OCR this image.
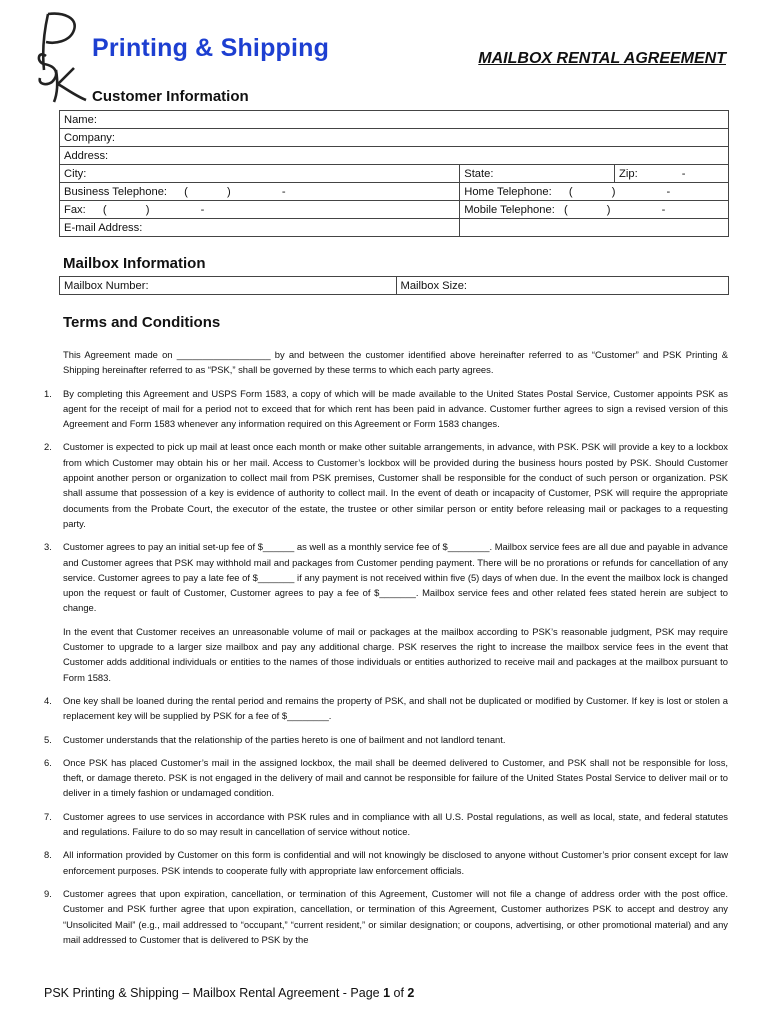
Printing & Shipping	MAILBOX RENTAL AGREEMENT
Customer Information
Name:		
Company:		
Address:		
City:	State:	Zip: -
Business Telephone: ( ) -	Home Telephone: ( ) -	
Fax: ( ) -	Mobile Telephone: ( ) -	
E-mail Address:		
Mailbox Information
Mailbox Number:	Mailbox Size:
Terms and Conditions

This Agreement made on __________________ by and between the customer identified above hereinafter referred to as “Customer” and PSK Printing & Shipping hereinafter referred to as “PSK,” shall be governed by these terms to which each party agrees.

1. By completing this Agreement and USPS Form 1583, a copy of which will be made available to the United States Postal Service, Customer appoints PSK as agent for the receipt of mail for a period not to exceed that for which rent has been paid in advance. Customer further agrees to sign a revised version of this Agreement and Form 1583 whenever any information required on this Agreement or Form 1583 changes.
2. Customer is expected to pick up mail at least once each month or make other suitable arrangements, in advance, with PSK. PSK will provide a key to a lockbox from which Customer may obtain his or her mail. Access to Customer’s lockbox will be provided during the business hours posted by PSK. Should Customer appoint another person or organization to collect mail from PSK premises, Customer shall be responsible for the conduct of such person or organization. PSK shall assume that possession of a key is evidence of authority to collect mail. In the event of death or incapacity of Customer, PSK will require the appropriate documents from the Probate Court, the executor of the estate, the trustee or other similar person or entity before releasing mail or packages to a requesting party.
3. Customer agrees to pay an initial set-up fee of $______ as well as a monthly service fee of $________. Mailbox service fees are all due and payable in advance and Customer agrees that PSK may withhold mail and packages from Customer pending payment. There will be no prorations or refunds for cancellation of any service. Customer agrees to pay a late fee of $_______ if any payment is not received within five (5) days of when due. In the event the mailbox lock is changed upon the request or fault of Customer, Customer agrees to pay a fee of $_______. Mailbox service fees and other related fees stated herein are subject to change.
In the event that Customer receives an unreasonable volume of mail or packages at the mailbox according to PSK’s reasonable judgment, PSK may require Customer to upgrade to a larger size mailbox and pay any additional charge. PSK reserves the right to increase the mailbox service fees in the event that Customer adds additional individuals or entities to the names of those individuals or entities authorized to receive mail and packages at the mailbox pursuant to Form 1583.
4. One key shall be loaned during the rental period and remains the property of PSK, and shall not be duplicated or modified by Customer. If key is lost or stolen a replacement key will be supplied by PSK for a fee of $________.
5. Customer understands that the relationship of the parties hereto is one of bailment and not landlord tenant.
6. Once PSK has placed Customer’s mail in the assigned lockbox, the mail shall be deemed delivered to Customer, and PSK shall not be responsible for loss, theft, or damage thereto. PSK is not engaged in the delivery of mail and cannot be responsible for failure of the United States Postal Service to deliver mail or to deliver in a timely fashion or undamaged condition.
7. Customer agrees to use services in accordance with PSK rules and in compliance with all U.S. Postal regulations, as well as local, state, and federal statutes and regulations. Failure to do so may result in cancellation of service without notice.
8. All information provided by Customer on this form is confidential and will not knowingly be disclosed to anyone without Customer’s prior consent except for law enforcement purposes. PSK intends to cooperate fully with appropriate law enforcement officials.
9. Customer agrees that upon expiration, cancellation, or termination of this Agreement, Customer will not file a change of address order with the post office. Customer and PSK further agree that upon expiration, cancellation, or termination of this Agreement, Customer authorizes PSK to accept and destroy any “Unsolicited Mail” (e.g., mail addressed to “occupant,” “current resident,” or similar designation; or coupons, advertising, or other promotional material) and any mail addressed to Customer that is delivered to PSK by the
PSK Printing & Shipping – Mailbox Rental Agreement - Page 1 of 2
